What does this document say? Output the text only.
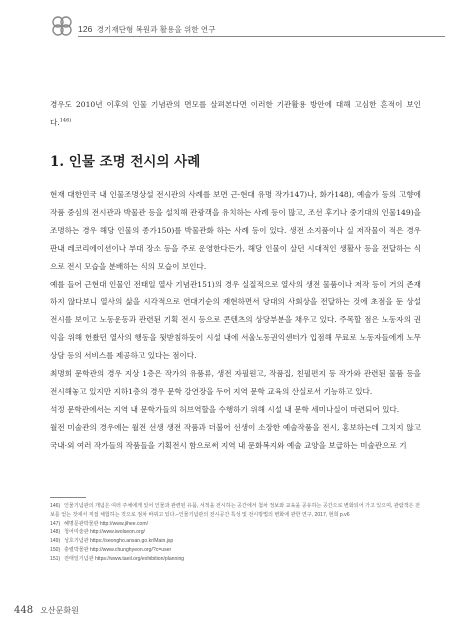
126 경기재단형 복원과 활용을 위한 연구

경우도 2010년 이후의 인물 기념관의 면모를 살펴본다면 이러한 기관활용 방안에 대해 고심한 흔적이 보인다.$^{146)}$

1. 인물 조명 전시의 사례

현재 대한민국 내 인물조명상설 전시관의 사례를 보면 근·현대 유명 작가147)나, 화가148), 예술가 등의 고향에 작품 중심의 전시관과 박물관 등을 설치해 관광객을 유치하는 사례 등이 많고, 조선 후기나 중기대의 인물149)을 조명하는 경우 해당 인물의 종가150)를 박물관화 하는 사례 등이 있다. 생전 소지품이나 실 저작물이 적은 경우 판내 레코리에이션이나 부대 장소 등을 주로 운영한다든가, 해당 인물이 살던 시대적인 생활사 등을 전달하는 식으로 전시 모습을 분배하는 식의 모습이 보인다.

예를 들어 근현대 인물인 전태일 열사 기념관151)의 경우 실질적으로 열사의 생전 물품이나 저작 등이 거의 존재하지 않다보니 열사의 삶을 시각적으로 연대기순의 재현하면서 당대의 사회상을 전달하는 것에 초점을 둔 상설 전시를 보이고 노동운동과 관련된 기획 전시 등으로 콘텐츠의 상당부분을 채우고 있다. 주목할 점은 노동자의 권익을 위해 헌쐈던 열사의 행동을 뒷받침하듯이 시설 내에 서울노동권익센터가 입점해 무료로 노동자들에게 노무 상담 등의 서비스를 제공하고 있다는 점이다.

최명희 문학관의 경우 지상 1층은 작가의 유품류, 생전 자필원고, 작품집, 친필편지 등 작가와 관련된 물품 등을 전시해놓고 있지만 지하1층의 경우 문학 강연장을 두어 지역 문학 교육의 산실로서 기능하고 있다.

석정 문학관에서는 지역 내 문학가들의 허브역할을 수행하기 위해 시설 내 문학 세미나실이 마련되어 있다.

월전 미술관의 경우에는 월전 선생 생전 작품과 더불어 선생이 소장한 예술작품을 전시, 홍보하는데 그치지 않고 국내·외 여러 작가들의 작품들을 기획전시 함으로써 지역 내 문화복지와 예술 교양을 보급하는 미술관으로 기

146) 인물기념관의 개념은 여러 주체에게 있어 인물과 관련된 유품, 서적을 전시하는 공간에서 첨차 정보와 교육을 공유하는 공간으로 변화되어 가고 있으며, 관람객은 전보를 얻는 것에서 직접 체험하는 것으로 점차 바뀌고 있다.–인물기념관의 전시공간 특성 및 전시방법의 변화에 관한 연구, 2017, 현희 p.v6
147) 혜명문관박물관 http://www.jihee.com/
148) 청어미술관 http://www.iwolseon.org/
149) 성호기념관 https://seongho.ansan.go.kr/Main.jsp
150) 충렬박물관 http://www.chunghyeon.org/?c=user
151) 전태일기념관 https://www.taeil.org/exhibition/planning
448 오산문화원
